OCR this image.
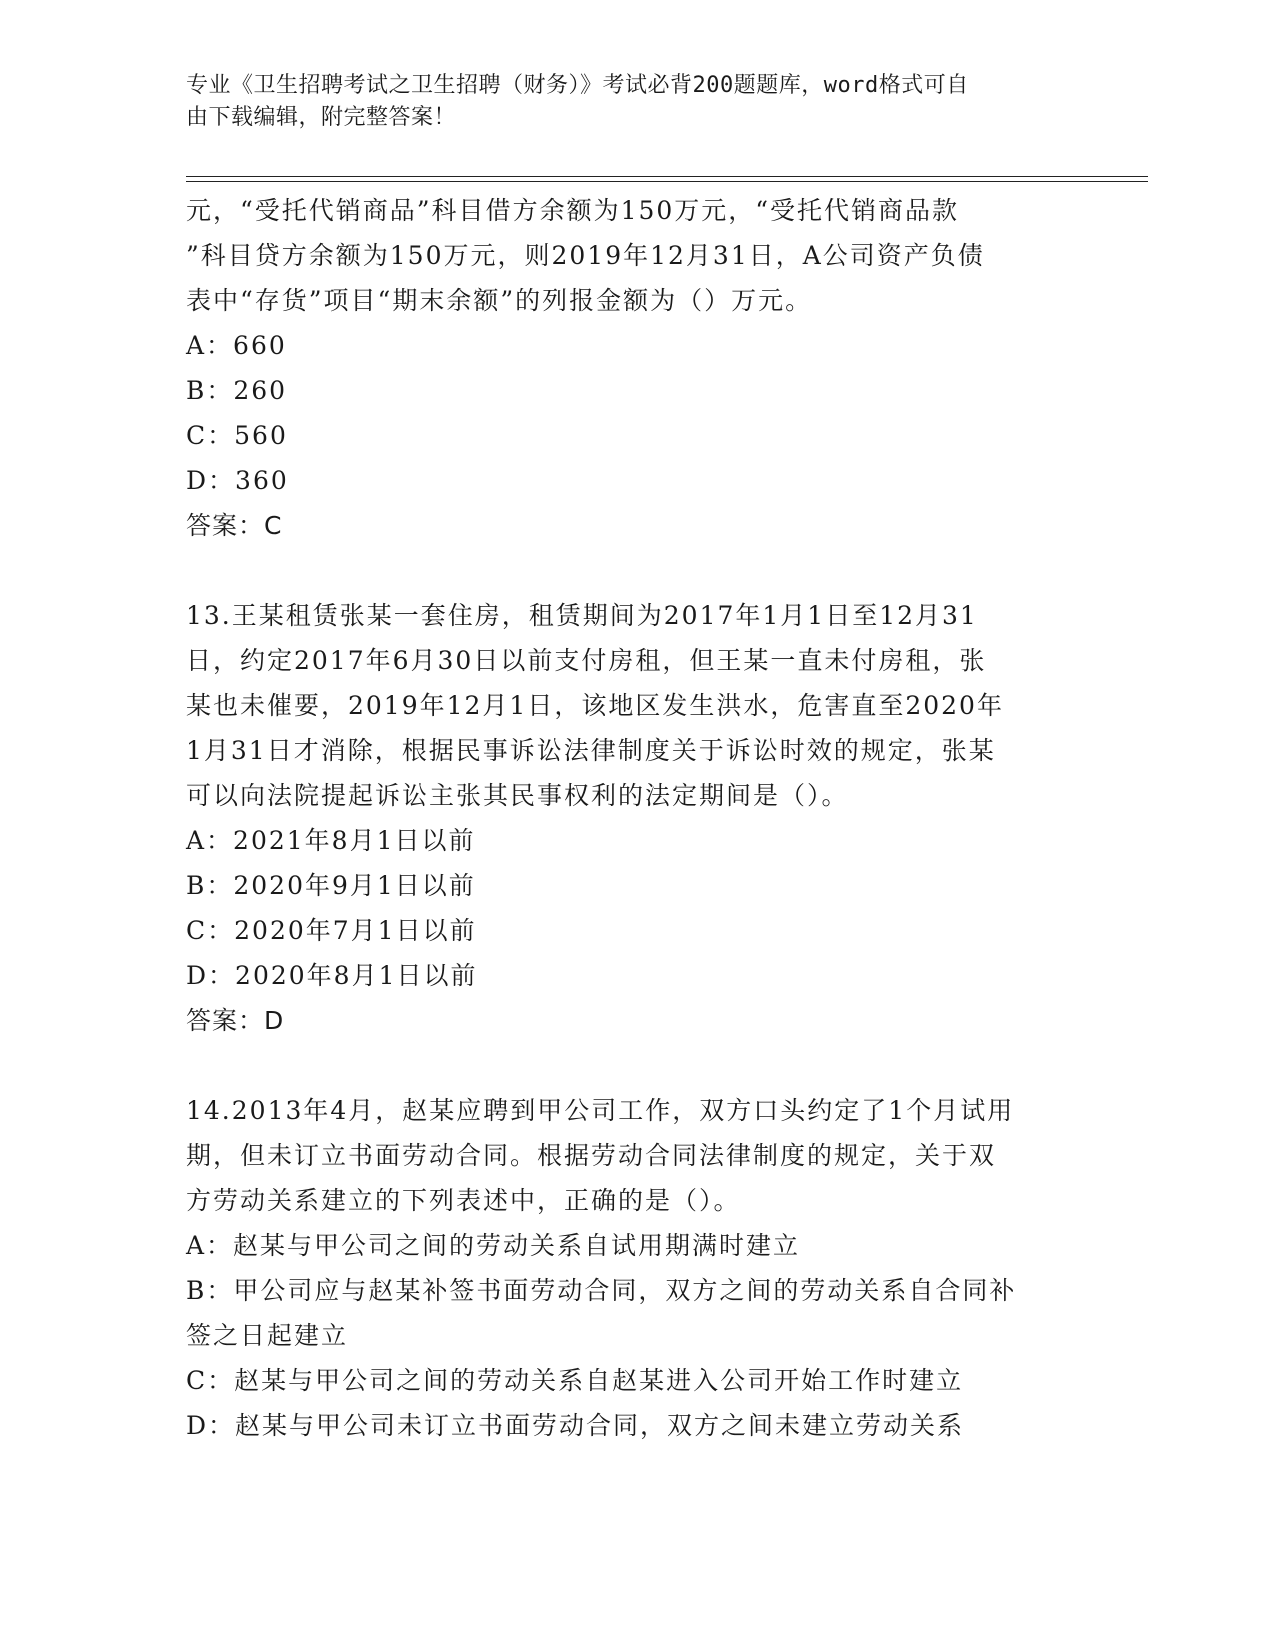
专业《卫生招聘考试之卫生招聘（财务）》考试必背200题题库，word格式可自
由下载编辑，附完整答案！

元，“受托代销商品”科目借方余额为150万元，“受托代销商品款

”科目贷方余额为150万元，则2019年12月31日，A公司资产负债

表中“存货”项目“期末余额”的列报金额为（）万元。

A：660

B：260

C：560

D：360

答案：C

13.王某租赁张某一套住房，租赁期间为2017年1月1日至12月31

日，约定2017年6月30日以前支付房租，但王某一直未付房租，张

某也未催要，2019年12月1日，该地区发生洪水，危害直至2020年

1月31日才消除，根据民事诉讼法律制度关于诉讼时效的规定，张某

可以向法院提起诉讼主张其民事权利的法定期间是（）。

A：2021年8月1日以前

B：2020年9月1日以前

C：2020年7月1日以前

D：2020年8月1日以前

答案：D

14.2013年4月，赵某应聘到甲公司工作，双方口头约定了1个月试用

期，但未订立书面劳动合同。根据劳动合同法律制度的规定，关于双

方劳动关系建立的下列表述中，正确的是（）。

A：赵某与甲公司之间的劳动关系自试用期满时建立

B：甲公司应与赵某补签书面劳动合同，双方之间的劳动关系自合同补

签之日起建立

C：赵某与甲公司之间的劳动关系自赵某进入公司开始工作时建立

D：赵某与甲公司未订立书面劳动合同，双方之间未建立劳动关系
